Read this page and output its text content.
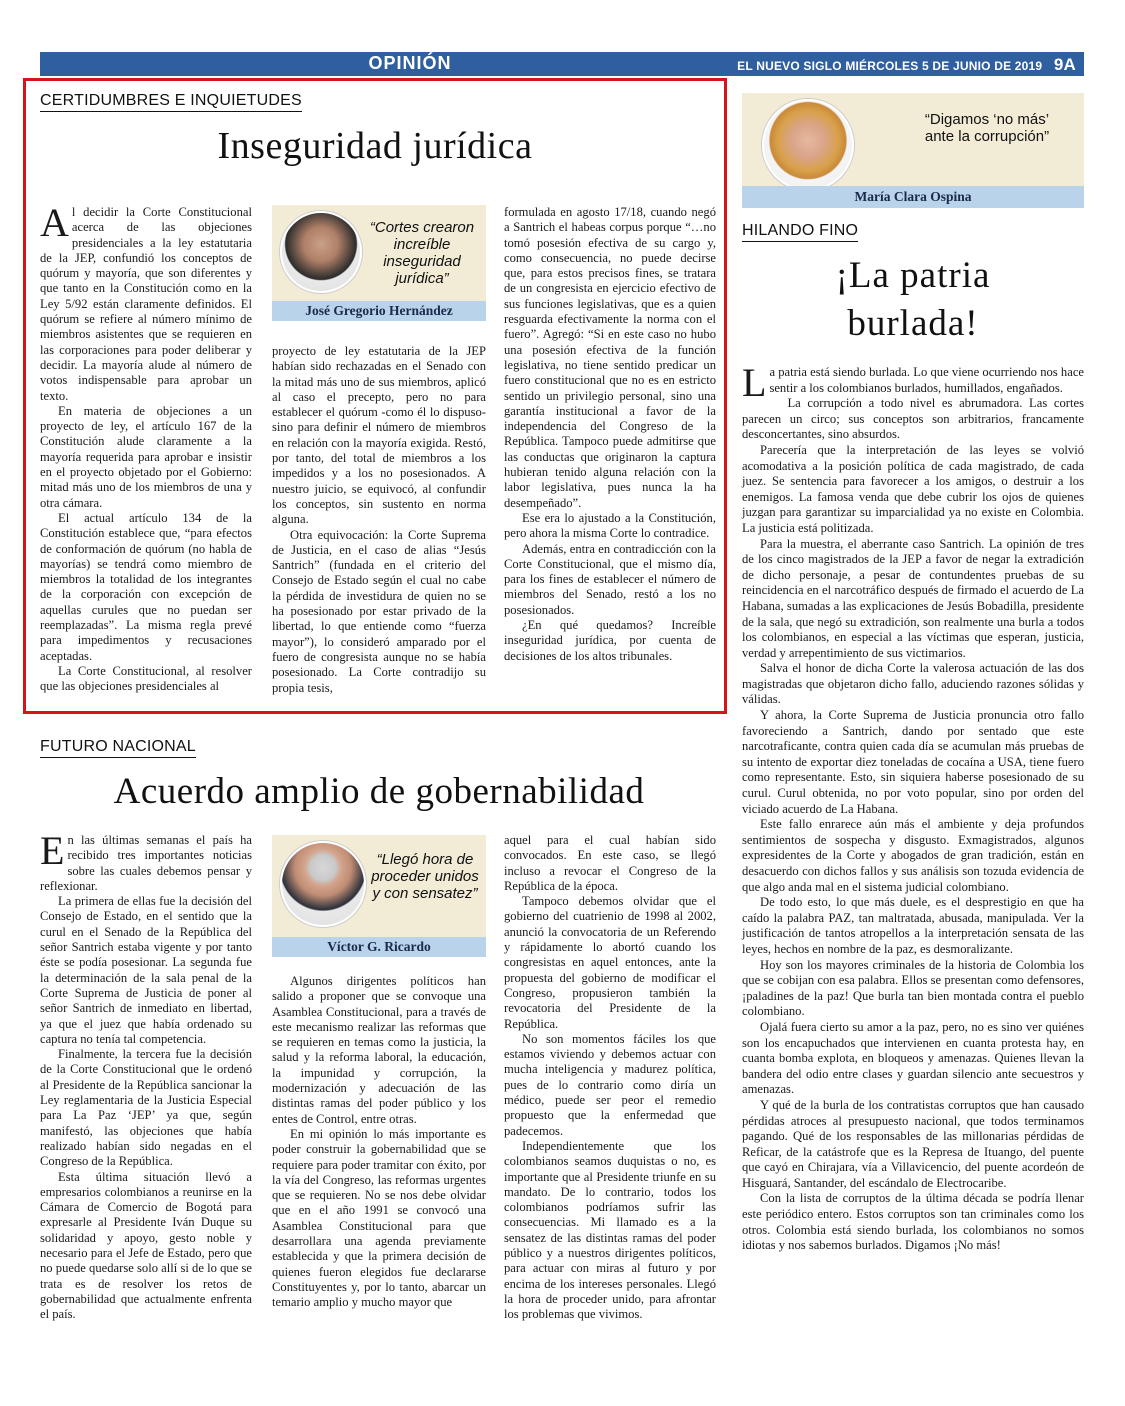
OPINIÓN	EL NUEVO SIGLO MIÉRCOLES 5 DE JUNIO DE 2019 9A
CERTIDUMBRES E INQUIETUDES
Inseguridad jurídica

Al decidir la Corte Constitucional acerca de las objeciones presidenciales a la ley estatutaria de la JEP, confundió los conceptos de quórum y mayoría, que son diferentes y que tanto en la Constitución como en la Ley 5/92 están claramente definidos. El quórum se refiere al número mínimo de miembros asistentes que se requieren en las corporaciones para poder deliberar y decidir. La mayoría alude al número de votos indispensable para aprobar un texto.

En materia de objeciones a un proyecto de ley, el artículo 167 de la Constitución alude claramente a la mayoría requerida para aprobar e insistir en el proyecto objetado por el Gobierno: mitad más uno de los miembros de una y otra cámara.

El actual artículo 134 de la Constitución establece que, “para efectos de conformación de quórum (no habla de mayorías) se tendrá como miembro de miembros la totalidad de los integrantes de la corporación con excepción de aquellas curules que no puedan ser reemplazadas”. La misma regla prevé para impedimentos y recusaciones aceptadas.

La Corte Constitucional, al resolver que las objeciones presidenciales al

“Cortes crearon increíble inseguridad jurídica”
José Gregorio Hernández

proyecto de ley estatutaria de la JEP habían sido rechazadas en el Senado con la mitad más uno de sus miembros, aplicó al caso el precepto, pero no para establecer el quórum -como él lo dispuso- sino para definir el número de miembros en relación con la mayoría exigida. Restó, por tanto, del total de miembros a los impedidos y a los no posesionados. A nuestro juicio, se equivocó, al confundir los conceptos, sin sustento en norma alguna.

Otra equivocación: la Corte Suprema de Justicia, en el caso de alias “Jesús Santrich” (fundada en el criterio del Consejo de Estado según el cual no cabe la pérdida de investidura de quien no se ha posesionado por estar privado de la libertad, lo que entiende como “fuerza mayor”), lo consideró amparado por el fuero de congresista aunque no se había posesionado. La Corte contradijo su propia tesis,

formulada en agosto 17/18, cuando negó a Santrich el habeas corpus porque “…no tomó posesión efectiva de su cargo y, como consecuencia, no puede decirse que, para estos precisos fines, se tratara de un congresista en ejercicio efectivo de sus funciones legislativas, que es a quien resguarda efectivamente la norma con el fuero”. Agregó: “Si en este caso no hubo una posesión efectiva de la función legislativa, no tiene sentido predicar un fuero constitucional que no es en estricto sentido un privilegio personal, sino una garantía institucional a favor de la independencia del Congreso de la República. Tampoco puede admitirse que las conductas que originaron la captura hubieran tenido alguna relación con la labor legislativa, pues nunca la ha desempeñado”.

Ese era lo ajustado a la Constitución, pero ahora la misma Corte lo contradice.

Además, entra en contradicción con la Corte Constitucional, que el mismo día, para los fines de establecer el número de miembros del Senado, restó a los no posesionados.

¿En qué quedamos? Increíble inseguridad jurídica, por cuenta de decisiones de los altos tribunales.

FUTURO NACIONAL
Acuerdo amplio de gobernabilidad

En las últimas semanas el país ha recibido tres importantes noticias sobre las cuales debemos pensar y reflexionar.

La primera de ellas fue la decisión del Consejo de Estado, en el sentido que la curul en el Senado de la República del señor Santrich estaba vigente y por tanto éste se podía posesionar. La segunda fue la determinación de la sala penal de la Corte Suprema de Justicia de poner al señor Santrich de inmediato en libertad, ya que el juez que había ordenado su captura no tenía tal competencia.

Finalmente, la tercera fue la decisión de la Corte Constitucional que le ordenó al Presidente de la República sancionar la Ley reglamentaria de la Justicia Especial para La Paz ‘JEP’ ya que, según manifestó, las objeciones que había realizado habían sido negadas en el Congreso de la República.

Esta última situación llevó a empresarios colombianos a reunirse en la Cámara de Comercio de Bogotá para expresarle al Presidente Iván Duque su solidaridad y apoyo, gesto noble y necesario para el Jefe de Estado, pero que no puede quedarse solo allí si de lo que se trata es de resolver los retos de gobernabilidad que actualmente enfrenta el país.

“Llegó hora de proceder unidos y con sensatez”
Víctor G. Ricardo

Algunos dirigentes políticos han salido a proponer que se convoque una Asamblea Constitucional, para a través de este mecanismo realizar las reformas que se requieren en temas como la justicia, la salud y la reforma laboral, la educación, la impunidad y corrupción, la modernización y adecuación de las distintas ramas del poder público y los entes de Control, entre otras.

En mi opinión lo más importante es poder construir la gobernabilidad que se requiere para poder tramitar con éxito, por la vía del Congreso, las reformas urgentes que se requieren. No se nos debe olvidar que en el año 1991 se convocó una Asamblea Constitucional para que desarrollara una agenda previamente establecida y que la primera decisión de quienes fueron elegidos fue declararse Constituyentes y, por lo tanto, abarcar un temario amplio y mucho mayor que

aquel para el cual habían sido convocados. En este caso, se llegó incluso a revocar el Congreso de la República de la época.

Tampoco debemos olvidar que el gobierno del cuatrienio de 1998 al 2002, anunció la convocatoria de un Referendo y rápidamente lo abortó cuando los congresistas en aquel entonces, ante la propuesta del gobierno de modificar el Congreso, propusieron también la revocatoria del Presidente de la República.

No son momentos fáciles los que estamos viviendo y debemos actuar con mucha inteligencia y madurez política, pues de lo contrario como diría un médico, puede ser peor el remedio propuesto que la enfermedad que padecemos.

Independientemente que los colombianos seamos duquistas o no, es importante que al Presidente triunfe en su mandato. De lo contrario, todos los colombianos podríamos sufrir las consecuencias. Mi llamado es a la sensatez de las distintas ramas del poder público y a nuestros dirigentes políticos, para actuar con miras al futuro y por encima de los intereses personales. Llegó la hora de proceder unido, para afrontar los problemas que vivimos.

“Digamos ‘no más’ ante la corrupción”
María Clara Ospina
HILANDO FINO
¡La patria
burlada!

La patria está siendo burlada. Lo que viene ocurriendo nos hace sentir a los colombianos burlados, humillados, engañados.

La corrupción a todo nivel es abrumadora. Las cortes parecen un circo; sus conceptos son arbitrarios, francamente desconcertantes, sino absurdos.

Parecería que la interpretación de las leyes se volvió acomodativa a la posición política de cada magistrado, de cada juez. Se sentencia para favorecer a los amigos, o destruir a los enemigos. La famosa venda que debe cubrir los ojos de quienes juzgan para garantizar su imparcialidad ya no existe en Colombia. La justicia está politizada.

Para la muestra, el aberrante caso Santrich. La opinión de tres de los cinco magistrados de la JEP a favor de negar la extradición de dicho personaje, a pesar de contundentes pruebas de su reincidencia en el narcotráfico después de firmado el acuerdo de La Habana, sumadas a las explicaciones de Jesús Bobadilla, presidente de la sala, que negó su extradición, son realmente una burla a todos los colombianos, en especial a las víctimas que esperan, justicia, verdad y arrepentimiento de sus victimarios.

Salva el honor de dicha Corte la valerosa actuación de las dos magistradas que objetaron dicho fallo, aduciendo razones sólidas y válidas.

Y ahora, la Corte Suprema de Justicia pronuncia otro fallo favoreciendo a Santrich, dando por sentado que este narcotraficante, contra quien cada día se acumulan más pruebas de su intento de exportar diez toneladas de cocaína a USA, tiene fuero como representante. Esto, sin siquiera haberse posesionado de su curul. Curul obtenida, no por voto popular, sino por orden del viciado acuerdo de La Habana.

Este fallo enrarece aún más el ambiente y deja profundos sentimientos de sospecha y disgusto. Exmagistrados, algunos expresidentes de la Corte y abogados de gran tradición, están en desacuerdo con dichos fallos y sus análisis son tozuda evidencia de que algo anda mal en el sistema judicial colombiano.

De todo esto, lo que más duele, es el desprestigio en que ha caído la palabra PAZ, tan maltratada, abusada, manipulada. Ver la justificación de tantos atropellos a la interpretación sensata de las leyes, hechos en nombre de la paz, es desmoralizante.

Hoy son los mayores criminales de la historia de Colombia los que se cobijan con esa palabra. Ellos se presentan como defensores, ¡paladines de la paz! Que burla tan bien montada contra el pueblo colombiano.

Ojalá fuera cierto su amor a la paz, pero, no es sino ver quiénes son los encapuchados que intervienen en cuanta protesta hay, en cuanta bomba explota, en bloqueos y amenazas. Quienes llevan la bandera del odio entre clases y guardan silencio ante secuestros y amenazas.

Y qué de la burla de los contratistas corruptos que han causado pérdidas atroces al presupuesto nacional, que todos terminamos pagando. Qué de los responsables de las millonarias pérdidas de Reficar, de la catástrofe que es la Represa de Ituango, del puente que cayó en Chirajara, vía a Villavicencio, del puente acordeón de Hisguará, Santander, del escándalo de Electrocaribe.

Con la lista de corruptos de la última década se podría llenar este periódico entero. Estos corruptos son tan criminales como los otros. Colombia está siendo burlada, los colombianos no somos idiotas y nos sabemos burlados. Digamos ¡No más!
